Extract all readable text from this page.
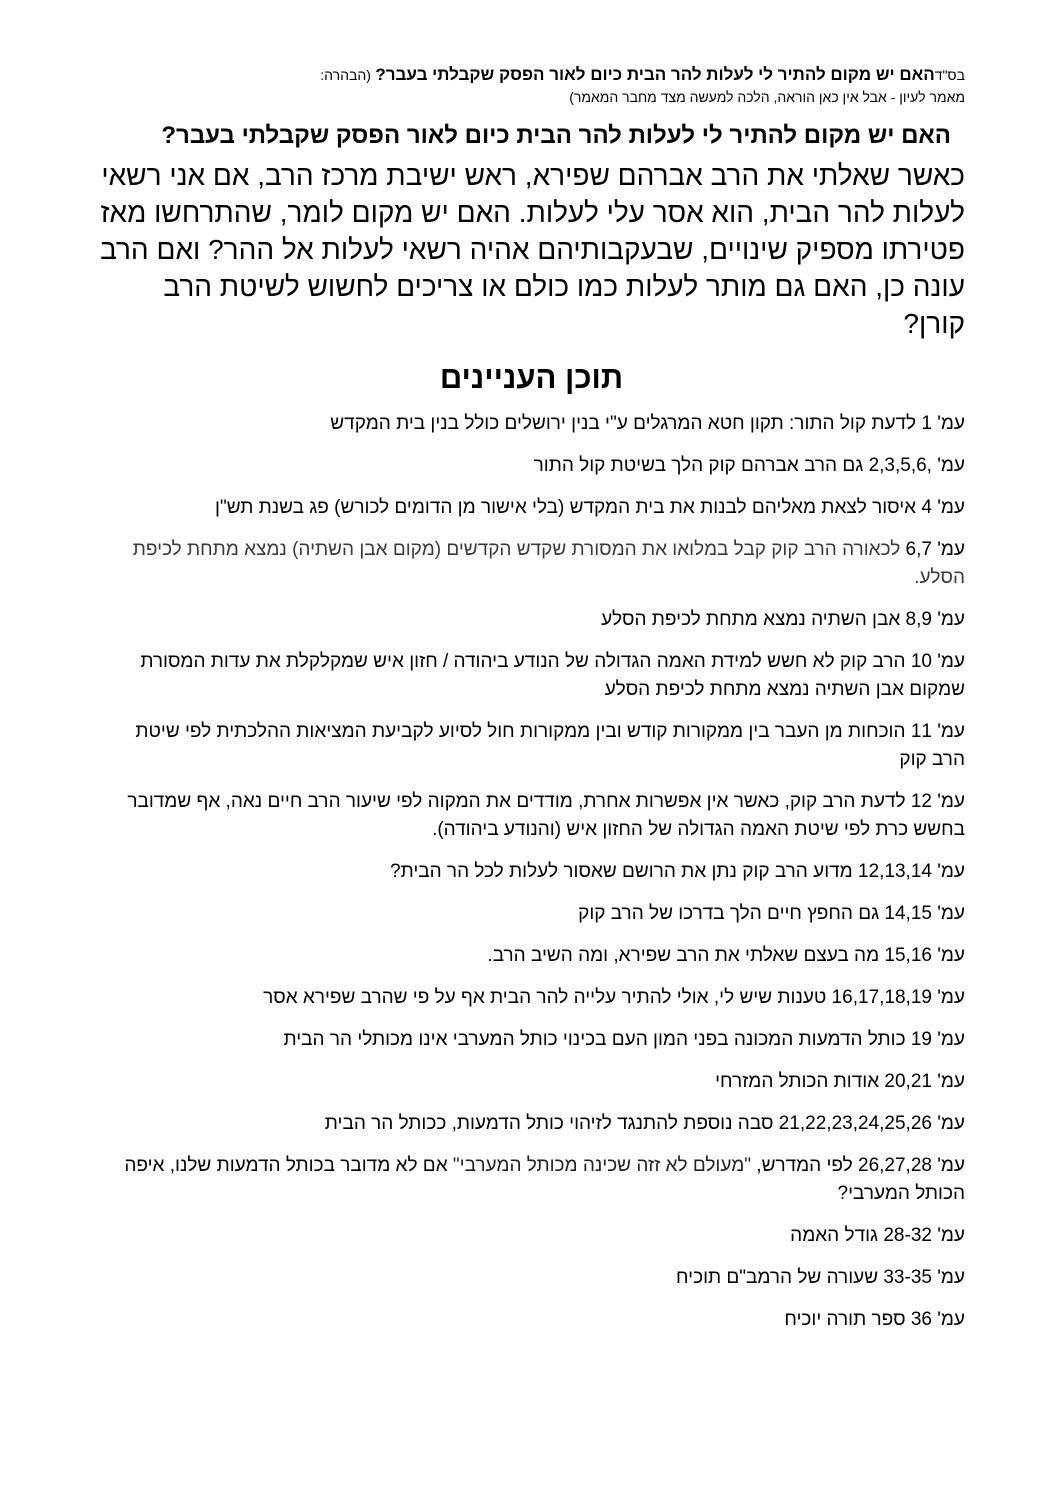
בס"דהאם יש מקום להתיר לי לעלות להר הבית כיום לאור הפסק שקבלתי בעבר? (הבהרה:
מאמר לעיון - אבל אין כאן הוראה, הלכה למעשה מצד מחבר המאמר)
האם יש מקום להתיר לי לעלות להר הבית כיום לאור הפסק שקבלתי בעבר?
כאשר שאלתי את הרב אברהם שפירא, ראש ישיבת מרכז הרב, אם אני רשאי לעלות להר הבית, הוא אסר עלי לעלות. האם יש מקום לומר, שהתרחשו מאז פטירתו מספיק שינויים, שבעקבותיהם אהיה רשאי לעלות אל ההר? ואם הרב עונה כן, האם גם מותר לעלות כמו כולם או צריכים לחשוש לשיטת הרב קורן?
תוכן העניינים
עמ' 1 לדעת קול התור: תקון חטא המרגלים ע"י בנין ירושלים כולל בנין בית המקדש
עמ' 2,3,5,6, גם הרב אברהם קוק הלך בשיטת קול התור
עמ' 4 איסור לצאת מאליהם לבנות את בית המקדש (בלי אישור מן הדומים לכורש) פג בשנת תש"ן
עמ' 6,7 לכאורה הרב קוק קבל במלואו את המסורת שקדש הקדשים (מקום אבן השתיה) נמצא מתחת לכיפת הסלע.
עמ' 8,9 אבן השתיה נמצא מתחת לכיפת הסלע
עמ' 10 הרב קוק לא חשש למידת האמה הגדולה של הנודע ביהודה / חזון איש שמקלקלת את עדות המסורת שמקום אבן השתיה נמצא מתחת לכיפת הסלע
עמ' 11 הוכחות מן העבר בין ממקורות קודש ובין ממקורות חול לסיוע לקביעת המציאות ההלכתית לפי שיטת הרב קוק
עמ' 12 לדעת הרב קוק, כאשר אין אפשרות אחרת, מודדים את המקוה לפי שיעור הרב חיים נאה, אף שמדובר בחשש כרת לפי שיטת האמה הגדולה של החזון איש (והנודע ביהודה).
עמ' 12,13,14 מדוע הרב קוק נתן את הרושם שאסור לעלות לכל הר הבית?
עמ' 14,15 גם החפץ חיים הלך בדרכו של הרב קוק
עמ' 15,16 מה בעצם שאלתי את הרב שפירא, ומה השיב הרב.
עמ' 16,17,18,19 טענות שיש לי, אולי להתיר עלייה להר הבית אף על פי שהרב שפירא אסר
עמ' 19 כותל הדמעות המכונה בפני המון העם בכינוי כותל המערבי אינו מכותלי הר הבית
עמ' 20,21 אודות הכותל המזרחי
עמ' 21,22,23,24,25,26 סבה נוספת להתנגד לזיהוי כותל הדמעות, ככותל הר הבית
עמ' 26,27,28 לפי המדרש, "מעולם לא זזה שכינה מכותל המערבי" אם לא מדובר בכותל הדמעות שלנו, איפה הכותל המערבי?
עמ' 28-32 גודל האמה
עמ' 33-35 שעורה של הרמב"ם תוכיח
עמ' 36 ספר תורה יוכיח
